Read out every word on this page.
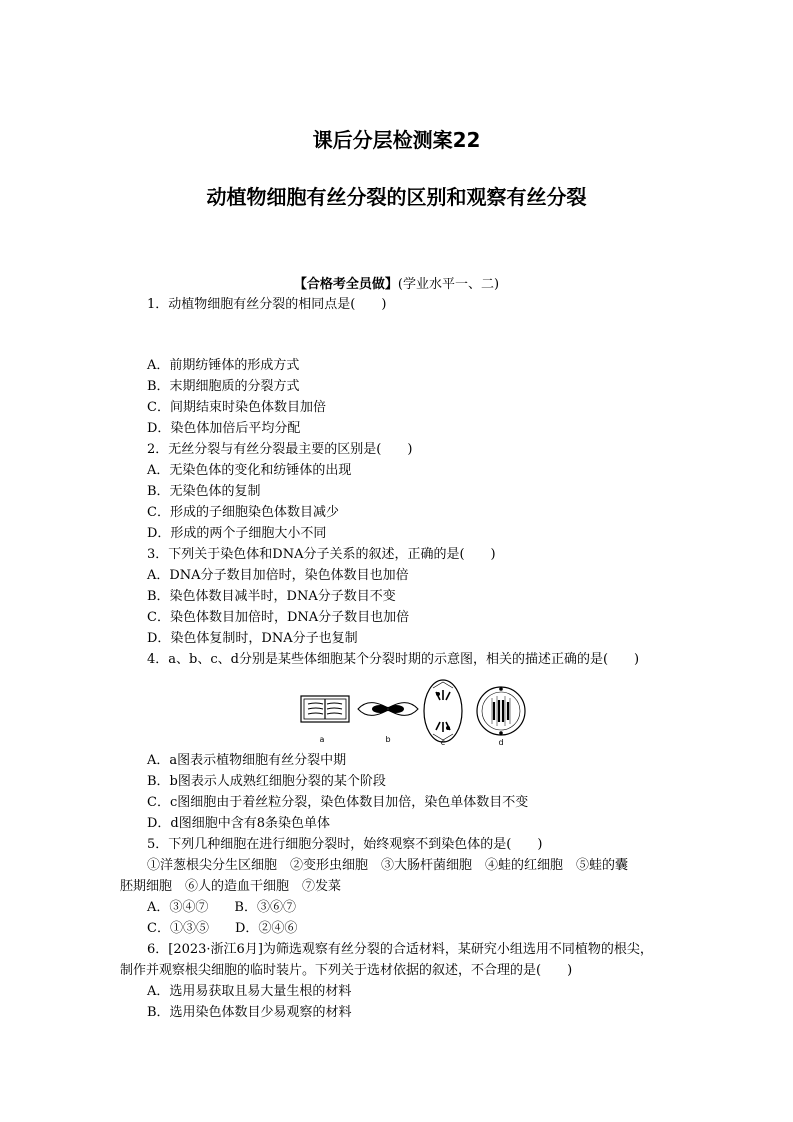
课后分层检测案22
动植物细胞有丝分裂的区别和观察有丝分裂
【合格考全员做】(学业水平一、二)
1．动植物细胞有丝分裂的相同点是(　　)
A．前期纺锤体的形成方式
B．末期细胞质的分裂方式
C．间期结束时染色体数目加倍
D．染色体加倍后平均分配
2．无丝分裂与有丝分裂最主要的区别是(　　)
A．无染色体的变化和纺锤体的出现
B．无染色体的复制
C．形成的子细胞染色体数目减少
D．形成的两个子细胞大小不同
3．下列关于染色体和DNA分子关系的叙述，正确的是(　　)
A．DNA分子数目加倍时，染色体数目也加倍
B．染色体数目减半时，DNA分子数目不变
C．染色体数目加倍时，DNA分子数目也加倍
D．染色体复制时，DNA分子也复制
4．a、b、c、d分别是某些体细胞某个分裂时期的示意图，相关的描述正确的是(　　)
a	b	c	d
A．a图表示植物细胞有丝分裂中期
B．b图表示人成熟红细胞分裂的某个阶段
C．c图细胞由于着丝粒分裂，染色体数目加倍，染色单体数目不变
D．d图细胞中含有8条染色单体
5．下列几种细胞在进行细胞分裂时，始终观察不到染色体的是(　　)
①洋葱根尖分生区细胞　②变形虫细胞　③大肠杆菌细胞　④蛙的红细胞　⑤蛙的囊
胚期细胞　⑥人的造血干细胞　⑦发菜
A．③④⑦　　B．③⑥⑦
C．①③⑤　　D．②④⑥
6．[2023·浙江6月]为筛选观察有丝分裂的合适材料，某研究小组选用不同植物的根尖，
制作并观察根尖细胞的临时装片。下列关于选材依据的叙述，不合理的是(　　)
A．选用易获取且易大量生根的材料
B．选用染色体数目少易观察的材料
